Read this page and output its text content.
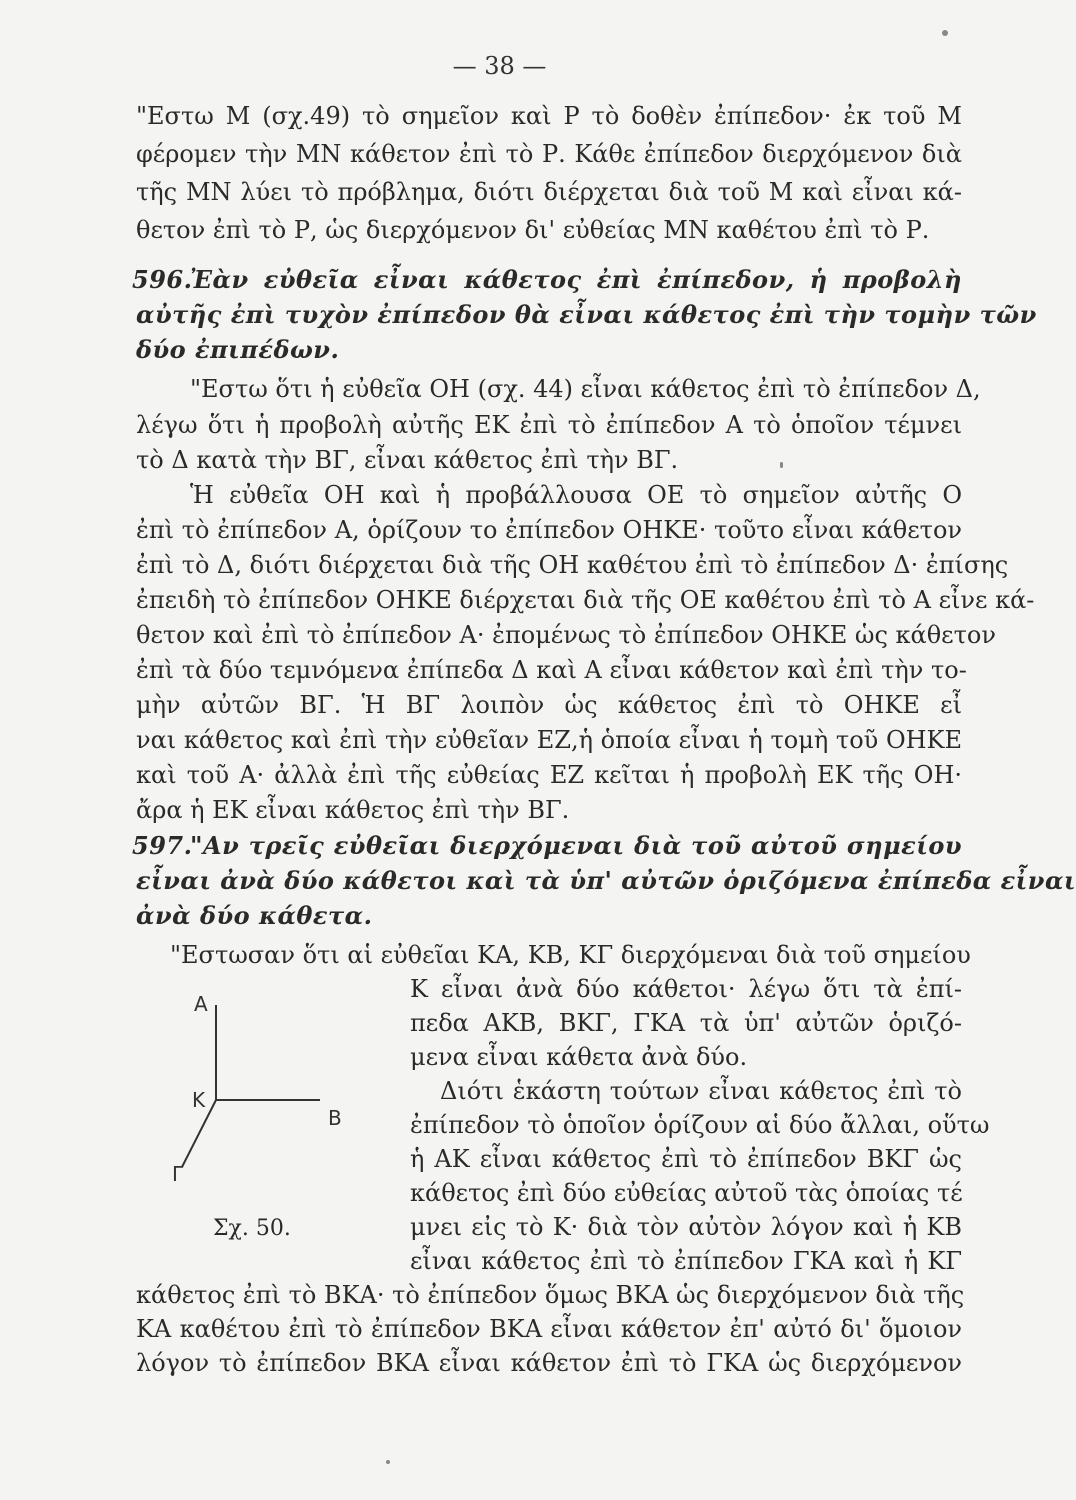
— 38 —
"Εστω Μ (σχ.49) τὸ σημεῖον καὶ Ρ τὸ δοθὲν ἐπίπεδον· ἐκ τοῦ Μ
φέρομεν τὴν ΜΝ κάθετον ἐπὶ τὸ Ρ. Κάθε ἐπίπεδον διερχόμενον διὰ
τῆς ΜΝ λύει τὸ πρόβλημα, διότι διέρχεται διὰ τοῦ Μ καὶ εἶναι κά-
θετον ἐπὶ τὸ Ρ, ὡς διερχόμενον δι' εὐθείας ΜΝ καθέτου ἐπὶ τὸ Ρ.
596.
Ἐὰν εὐθεῖα εἶναι κάθετος ἐπὶ ἐπίπεδον, ἡ προβολὴ
αὐτῆς ἐπὶ τυχὸν ἐπίπεδον θὰ εἶναι κάθετος ἐπὶ τὴν τομὴν τῶν
δύο ἐπιπέδων.
"Εστω ὅτι ἡ εὐθεῖα ΟΗ (σχ. 44) εἶναι κάθετος ἐπὶ τὸ ἐπίπεδον Δ,
λέγω ὅτι ἡ προβολὴ αὐτῆς ΕΚ ἐπὶ τὸ ἐπίπεδον Α τὸ ὁποῖον τέμνει
τὸ Δ κατὰ τὴν ΒΓ, εἶναι κάθετος ἐπὶ τὴν ΒΓ.
Ἡ εὐθεῖα ΟΗ καὶ ἡ προβάλλουσα ΟΕ τὸ σημεῖον αὐτῆς Ο
ἐπὶ τὸ ἐπίπεδον Α, ὁρίζουν το ἐπίπεδον ΟΗΚΕ· τοῦτο εἶναι κάθετον
ἐπὶ τὸ Δ, διότι διέρχεται διὰ τῆς ΟΗ καθέτου ἐπὶ τὸ ἐπίπεδον Δ· ἐπίσης
ἐπειδὴ τὸ ἐπίπεδον ΟΗΚΕ διέρχεται διὰ τῆς ΟΕ καθέτου ἐπὶ τὸ Α εἶνε κά-
θετον καὶ ἐπὶ τὸ ἐπίπεδον Α· ἐπομένως τὸ ἐπίπεδον ΟΗΚΕ ὡς κάθετον
ἐπὶ τὰ δύο τεμνόμενα ἐπίπεδα Δ καὶ Α εἶναι κάθετον καὶ ἐπὶ τὴν το-
μὴν αὐτῶν ΒΓ. Ἡ ΒΓ λοιπὸν ὡς κάθετος ἐπὶ τὸ ΟΗΚΕ εἶ
ναι κάθετος καὶ ἐπὶ τὴν εὐθεῖαν ΕΖ,ἡ ὁποία εἶναι ἡ τομὴ τοῦ ΟΗΚΕ
καὶ τοῦ Α· ἀλλὰ ἐπὶ τῆς εὐθείας ΕΖ κεῖται ἡ προβολὴ ΕΚ τῆς ΟΗ·
ἄρα ἡ ΕΚ εἶναι κάθετος ἐπὶ τὴν ΒΓ.
597.
"Αν τρεῖς εὐθεῖαι διερχόμεναι διὰ τοῦ αὐτοῦ σημείου
εἶναι ἀνὰ δύο κάθετοι καὶ τὰ ὑπ' αὐτῶν ὁριζόμενα ἐπίπεδα εἶναι
ἀνὰ δύο κάθετα.
"Εστωσαν ὅτι αἱ εὐθεῖαι ΚΑ, ΚΒ, ΚΓ διερχόμεναι διὰ τοῦ σημείου
Κ εἶναι ἀνὰ δύο κάθετοι· λέγω ὅτι τὰ ἐπί-
πεδα ΑΚΒ, ΒΚΓ, ΓΚΑ τὰ ὑπ' αὐτῶν ὁριζό-
μενα εἶναι κάθετα ἀνὰ δύο.
Διότι ἑκάστη τούτων εἶναι κάθετος ἐπὶ τὸ
ἐπίπεδον τὸ ὁποῖον ὁρίζουν αἱ δύο ἄλλαι, οὕτω
ἡ ΑΚ εἶναι κάθετος ἐπὶ τὸ ἐπίπεδον ΒΚΓ ὡς
κάθετος ἐπὶ δύο εὐθείας αὐτοῦ τὰς ὁποίας τέ
μνει εἰς τὸ Κ· διὰ τὸν αὐτὸν λόγον καὶ ἡ ΚΒ
εἶναι κάθετος ἐπὶ τὸ ἐπίπεδον ΓΚΑ καὶ ἡ ΚΓ
κάθετος ἐπὶ τὸ ΒΚΑ· τὸ ἐπίπεδον ὅμως ΒΚΑ ὡς διερχόμενον διὰ τῆς
ΚΑ καθέτου ἐπὶ τὸ ἐπίπεδον ΒΚΑ εἶναι κάθετον ἐπ' αὐτό δι' ὅμοιον
λόγον τὸ ἐπίπεδον ΒΚΑ εἶναι κάθετον ἐπὶ τὸ ΓΚΑ ὡς διερχόμενον
Α
Κ
Β
Γ
Σχ. 50.
